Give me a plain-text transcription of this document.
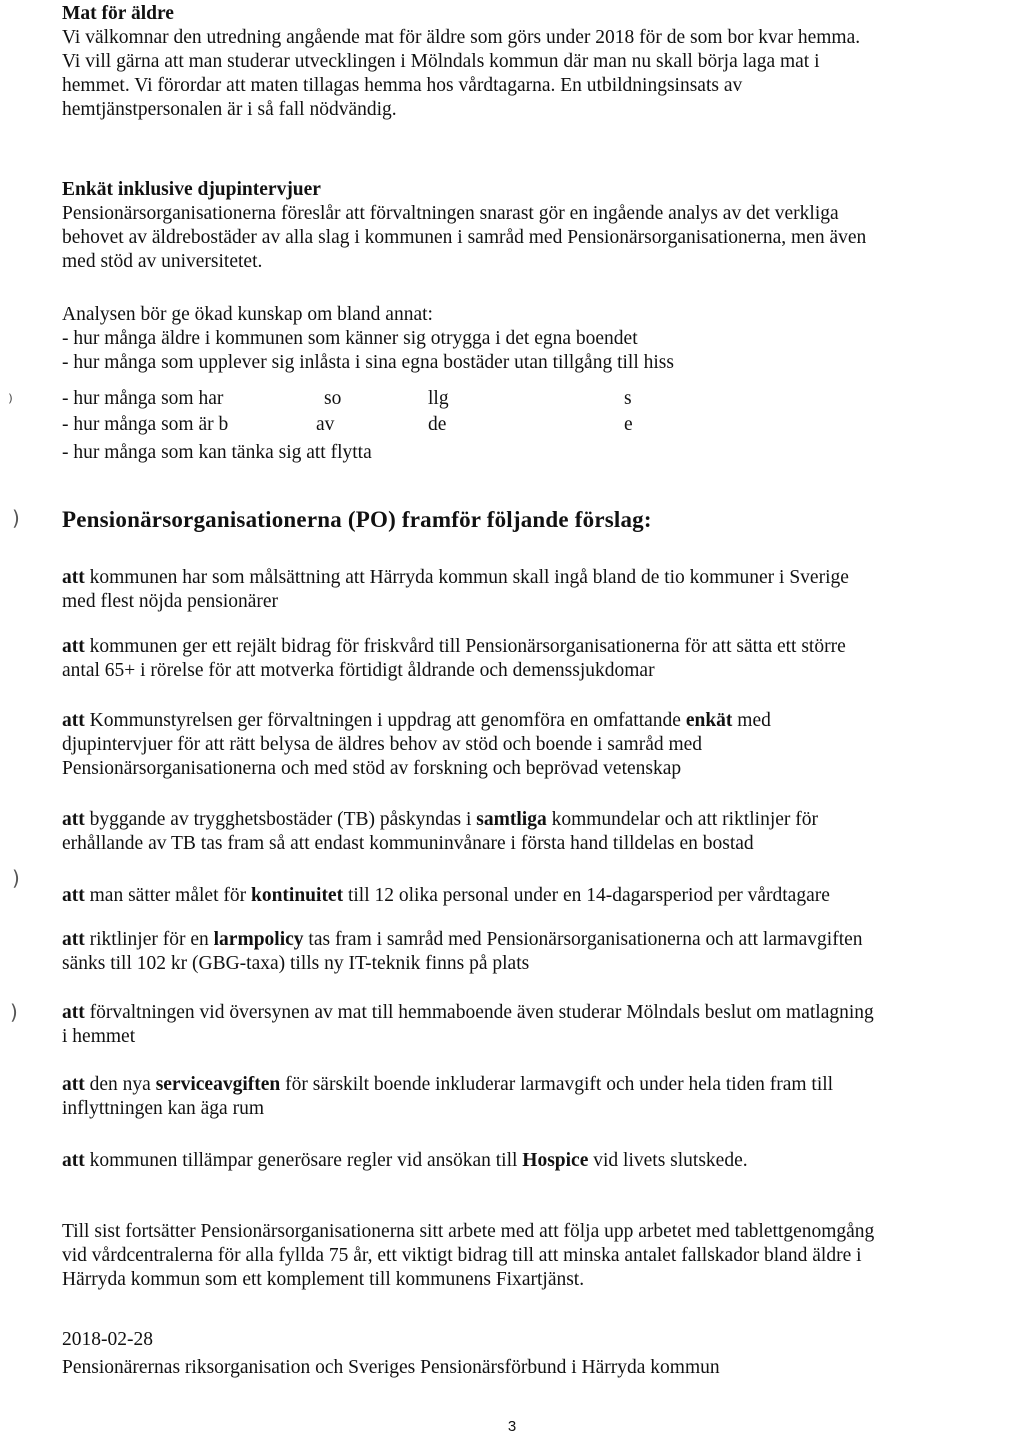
Mat för äldre
Vi välkomnar den utredning angående mat för äldre som görs under 2018 för de som bor kvar hemma.
Vi vill gärna att man studerar utvecklingen i Mölndals kommun där man nu skall börja laga mat i
hemmet. Vi förordar att maten tillagas hemma hos vårdtagarna. En utbildningsinsats av
hemtjänstpersonalen är i så fall nödvändig.
Enkät inklusive djupintervjuer
Pensionärsorganisationerna föreslår att förvaltningen snarast gör en ingående analys av det verkliga
behovet av äldrebostäder av alla slag i kommunen i samråd med Pensionärsorganisationerna, men även
med stöd av universitetet.
Analysen bör ge ökad kunskap om bland annat:
- hur många äldre i kommunen som känner sig otrygga i det egna boendet
- hur många som upplever sig inlåsta i sina egna bostäder utan tillgång till hiss
- hur många som har	so	llg	s
- hur många som är b	av	de	e
- hur många som kan tänka sig att flytta
Pensionärsorganisationerna (PO) framför följande förslag:
att kommunen har som målsättning att Härryda kommun skall ingå bland de tio kommuner i Sverige
med flest nöjda pensionärer
att kommunen ger ett rejält bidrag för friskvård till Pensionärsorganisationerna för att sätta ett större
antal 65+ i rörelse för att motverka förtidigt åldrande och demenssjukdomar
att Kommunstyrelsen ger förvaltningen i uppdrag att genomföra en omfattande enkät med
djupintervjuer för att rätt belysa de äldres behov av stöd och boende i samråd med
Pensionärsorganisationerna och med stöd av forskning och beprövad vetenskap
att byggande av trygghetsbostäder (TB) påskyndas i samtliga kommundelar och att riktlinjer för
erhållande av TB tas fram så att endast kommuninvånare i första hand tilldelas en bostad
att man sätter målet för kontinuitet till 12 olika personal under en 14-dagarsperiod per vårdtagare
att riktlinjer för en larmpolicy tas fram i samråd med Pensionärsorganisationerna och att larmavgiften
sänks till 102 kr (GBG-taxa) tills ny IT-teknik finns på plats
att förvaltningen vid översynen av mat till hemmaboende även studerar Mölndals beslut om matlagning
i hemmet
att den nya serviceavgiften för särskilt boende inkluderar larmavgift och under hela tiden fram till
inflyttningen kan äga rum
att kommunen tillämpar generösare regler vid ansökan till Hospice vid livets slutskede.
Till sist fortsätter Pensionärsorganisationerna sitt arbete med att följa upp arbetet med tablettgenomgång
vid vårdcentralerna för alla fyllda 75 år, ett viktigt bidrag till att minska antalet fallskador bland äldre i
Härryda kommun som ett komplement till kommunens Fixartjänst.
2018-02-28
Pensionärernas riksorganisation och Sveriges Pensionärsförbund i Härryda kommun
3
⁾
)
)
)
